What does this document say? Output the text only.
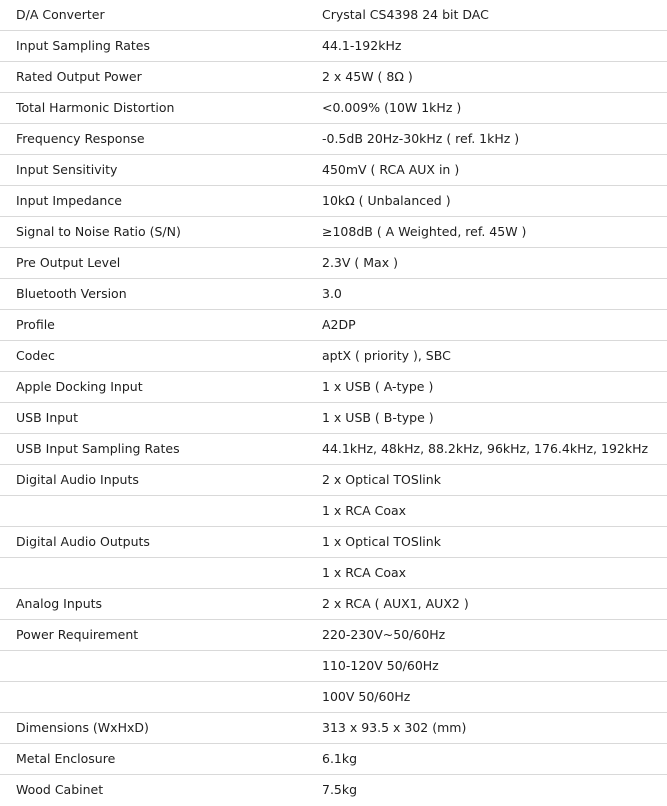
D/A Converter	Crystal CS4398 24 bit DAC
Input Sampling Rates	44.1-192kHz
Rated Output Power	2 x 45W ( 8Ω )
Total Harmonic Distortion	<0.009% (10W 1kHz )
Frequency Response	-0.5dB 20Hz-30kHz ( ref. 1kHz )
Input Sensitivity	450mV ( RCA AUX in )
Input Impedance	10kΩ ( Unbalanced )
Signal to Noise Ratio (S/N)	≥108dB ( A Weighted, ref. 45W )
Pre Output Level	2.3V ( Max )
Bluetooth Version	3.0
Profile	A2DP
Codec	aptX ( priority ), SBC
Apple Docking Input	1 x USB ( A-type )
USB Input	1 x USB ( B-type )
USB Input Sampling Rates	44.1kHz, 48kHz, 88.2kHz, 96kHz, 176.4kHz, 192kHz
Digital Audio Inputs	2 x Optical TOSlink
1 x RCA Coax
Digital Audio Outputs	1 x Optical TOSlink
1 x RCA Coax
Analog Inputs	2 x RCA ( AUX1, AUX2 )
Power Requirement	220-230V~50/60Hz
110-120V 50/60Hz
100V 50/60Hz
Dimensions (WxHxD)	313 x 93.5 x 302 (mm)
Metal Enclosure	6.1kg
Wood Cabinet	7.5kg
